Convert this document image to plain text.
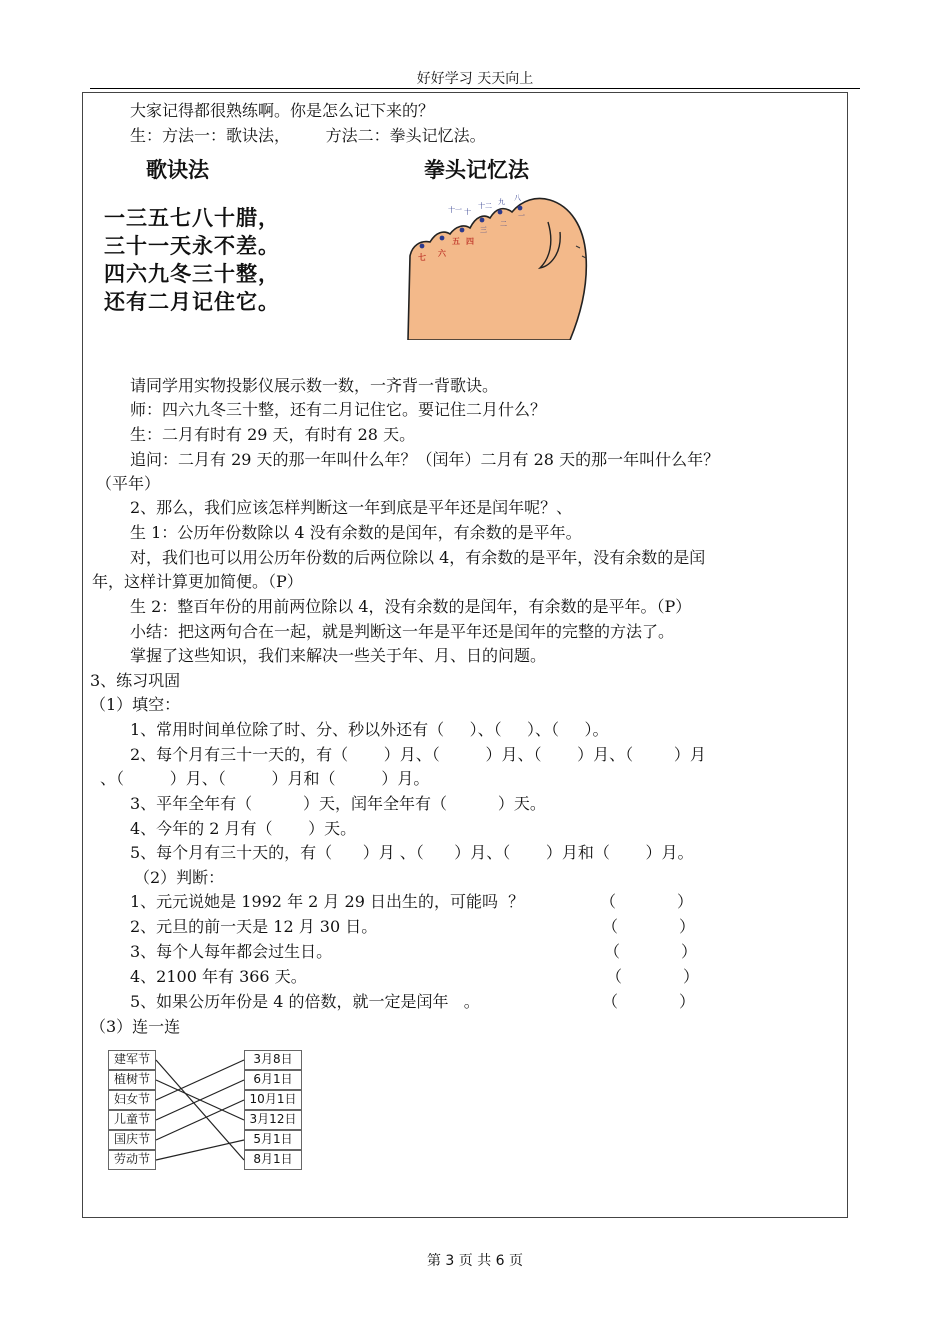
好好学习 天天向上
大家记得都很熟练啊。你是怎么记下来的？
生：方法一：歌诀法，       方法二：拳头记忆法。
歌诀法	拳头记忆法
一三五七八十腊，
三十一天永不差。
四六九冬三十整，
还有二月记住它。
七 六
五 四
三
十一 十
十二 九
二
八
一
请同学用实物投影仪展示数一数，一齐背一背歌诀。
师：四六九冬三十整，还有二月记住它。要记住二月什么？
生：二月有时有 29 天，有时有 28 天。
追问：二月有 29 天的那一年叫什么年？（闰年）二月有 28 天的那一年叫什么年？
（平年）
2、那么，我们应该怎样判断这一年到底是平年还是闰年呢？、
生 1：公历年份数除以 4 没有余数的是闰年，有余数的是平年。
对，我们也可以用公历年份数的后两位除以 4，有余数的是平年，没有余数的是闰
年，这样计算更加简便。（P）
生 2：整百年份的用前两位除以 4，没有余数的是闰年，有余数的是平年。（P）
小结：把这两句合在一起，就是判断这一年是平年还是闰年的完整的方法了。
掌握了这些知识，我们来解决一些关于年、月、日的问题。
3、练习巩固
（1）填空：
1、常用时间单位除了时、分、秒以外还有（     ）、（     ）、（     ）。
2、每个月有三十一天的，有（       ）月、（         ）月、（       ）月、（        ）月
、（         ）月、（         ）月和（         ）月。
3、平年全年有（          ）天，闰年全年有（          ）天。
4、今年的 2 月有（       ）天。
5、每个月有三十天的，有（      ）月 、（      ）月、（       ）月和（       ）月。
（2）判断：
1、元元说她是 1992 年 2 月 29 日出生的，可能吗  ？	（            ）
2、元旦的前一天是 12 月 30 日。	（            ）
3、每个人每年都会过生日。	（            ）
4、2100 年有 366 天。	（            ）
5、如果公历年份是 4 的倍数，就一定是闰年   。	（            ）
（3）连一连
建军节
植树节
妇女节
儿童节
国庆节
劳动节
3月8日
6月1日
10月1日
3月12日
5月1日
8月1日
第 3 页 共 6 页
